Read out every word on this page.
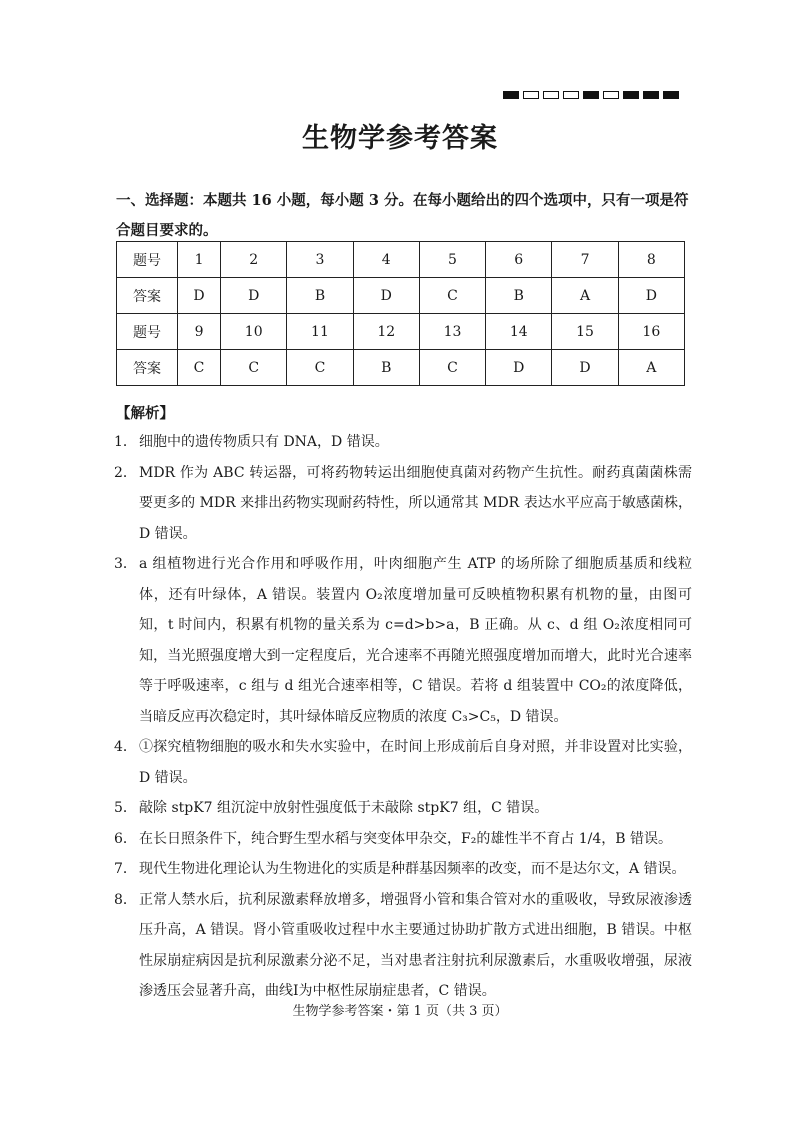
生物学参考答案
一、选择题：本题共 16 小题，每小题 3 分。在每小题给出的四个选项中，只有一项是符合题目要求的。
题号	1	2	3	4	5	6	7	8
答案	D	D	B	D	C	B	A	D
题号	9	10	11	12	13	14	15	16
答案	C	C	C	B	C	D	D	A
【解析】
1． 细胞中的遗传物质只有 DNA，D 错误。
2． MDR 作为 ABC 转运器，可将药物转运出细胞使真菌对药物产生抗性。耐药真菌菌株需要更多的 MDR 来排出药物实现耐药特性，所以通常其 MDR 表达水平应高于敏感菌株，D 错误。
3． a 组植物进行光合作用和呼吸作用，叶肉细胞产生 ATP 的场所除了细胞质基质和线粒体，还有叶绿体，A 错误。装置内 O₂浓度增加量可反映植物积累有机物的量，由图可知，t 时间内，积累有机物的量关系为 c=d>b>a，B 正确。从 c、d 组 O₂浓度相同可知，当光照强度增大到一定程度后，光合速率不再随光照强度增加而增大，此时光合速率等于呼吸速率，c 组与 d 组光合速率相等，C 错误。若将 d 组装置中 CO₂的浓度降低，当暗反应再次稳定时，其叶绿体暗反应物质的浓度 C₃>C₅，D 错误。
4． ①探究植物细胞的吸水和失水实验中，在时间上形成前后自身对照，并非设置对比实验，D 错误。
5． 敲除 stpK7 组沉淀中放射性强度低于未敲除 stpK7 组，C 错误。
6． 在长日照条件下，纯合野生型水稻与突变体甲杂交，F₂的雄性半不育占 1/4，B 错误。
7． 现代生物进化理论认为生物进化的实质是种群基因频率的改变，而不是达尔文，A 错误。
8． 正常人禁水后，抗利尿激素释放增多，增强肾小管和集合管对水的重吸收，导致尿液渗透压升高，A 错误。肾小管重吸收过程中水主要通过协助扩散方式进出细胞，B 错误。中枢性尿崩症病因是抗利尿激素分泌不足，当对患者注射抗利尿激素后，水重吸收增强，尿液渗透压会显著升高，曲线Ⅰ为中枢性尿崩症患者，C 错误。
生物学参考答案・第 1 页（共 3 页）
